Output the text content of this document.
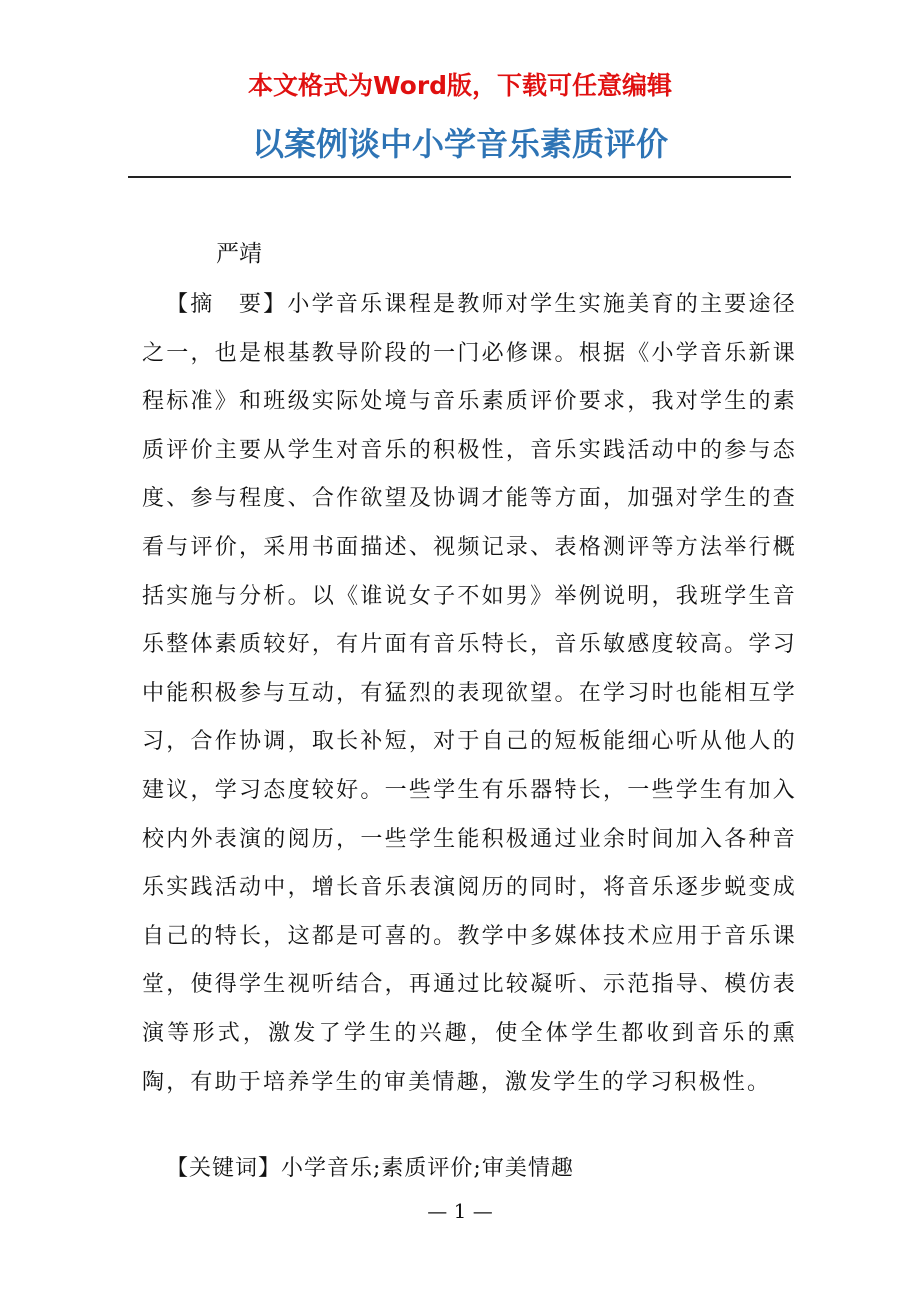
本文格式为Word版，下载可任意编辑
以案例谈中小学音乐素质评价
严靖

【摘　要】小学音乐课程是教师对学生实施美育的主要途径之一，也是根基教导阶段的一门必修课。根据《小学音乐新课程标准》和班级实际处境与音乐素质评价要求，我对学生的素质评价主要从学生对音乐的积极性，音乐实践活动中的参与态度、参与程度、合作欲望及协调才能等方面，加强对学生的查看与评价，采用书面描述、视频记录、表格测评等方法举行概括实施与分析。以《谁说女子不如男》举例说明，我班学生音乐整体素质较好，有片面有音乐特长，音乐敏感度较高。学习中能积极参与互动，有猛烈的表现欲望。在学习时也能相互学习，合作协调，取长补短，对于自己的短板能细心听从他人的建议，学习态度较好。一些学生有乐器特长，一些学生有加入校内外表演的阅历，一些学生能积极通过业余时间加入各种音乐实践活动中，增长音乐表演阅历的同时，将音乐逐步蜕变成自己的特长，这都是可喜的。教学中多媒体技术应用于音乐课堂，使得学生视听结合，再通过比较凝听、示范指导、模仿表演等形式，激发了学生的兴趣，使全体学生都收到音乐的熏陶，有助于培养学生的审美情趣，激发学生的学习积极性。

【关键词】小学音乐;素质评价;审美情趣

— 1 —
